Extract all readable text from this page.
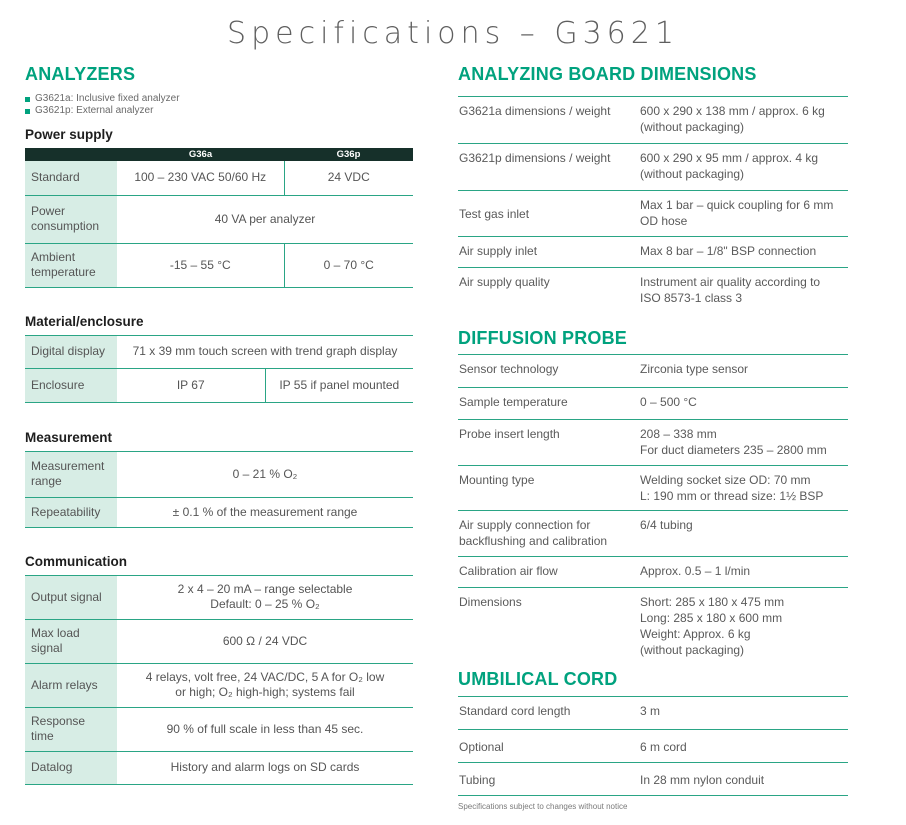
Specifications – G3621
ANALYZERS
G3621a: Inclusive fixed analyzer
G3621p: External analyzer
Power supply
	G36a	G36p
Standard	100 – 230 VAC 50/60 Hz	24 VDC
Power consumption	40 VA per analyzer	
Ambient temperature	-15 – 55 °C	0 – 70 °C
Material/enclosure
Digital display	71 x 39 mm touch screen with trend graph display	
Enclosure	IP 67	IP 55 if panel mounted
Measurement
Measurement range	0 – 21 % O₂
Repeatability	± 0.1 % of the measurement range
Communication
Output signal	2 x 4 – 20 mA – range selectable
Default: 0 – 25 % O₂

Max load signal	600 Ω / 24 VDC
Alarm relays	4 relays, volt free, 24 VAC/DC, 5 A for O₂ low
or high; O₂ high-high; systems fail

Response time	90 % of full scale in less than 45 sec.
Datalog	History and alarm logs on SD cards
ANALYZING BOARD DIMENSIONS
G3621a dimensions / weight	600 x 290 x 138 mm / approx. 6 kg
(without packaging)

G3621p dimensions / weight	600 x 290 x 95 mm / approx. 4 kg
(without packaging)

Test gas inlet	Max 1 bar – quick coupling for 6 mm
OD hose

Air supply inlet	Max 8 bar – 1/8" BSP connection
Air supply quality	Instrument air quality according to
ISO 8573-1 class 3
DIFFUSION PROBE
Sensor technology	Zirconia type sensor
Sample temperature	0 – 500 °C
Probe insert length	208 – 338 mm
For duct diameters 235 – 2800 mm

Mounting type	Welding socket size OD: 70 mm
L: 190 mm or thread size: 1½ BSP

Air supply connection for
backflushing and calibration	6/4 tubing
Calibration air flow	Approx. 0.5 – 1 l/min
Dimensions	Short: 285 x 180 x 475 mm
Long: 285 x 180 x 600 mm
Weight: Approx. 6 kg
(without packaging)
UMBILICAL CORD
Standard cord length	3 m
Optional	6 m cord
Tubing	In 28 mm nylon conduit
Specifications subject to changes without notice
